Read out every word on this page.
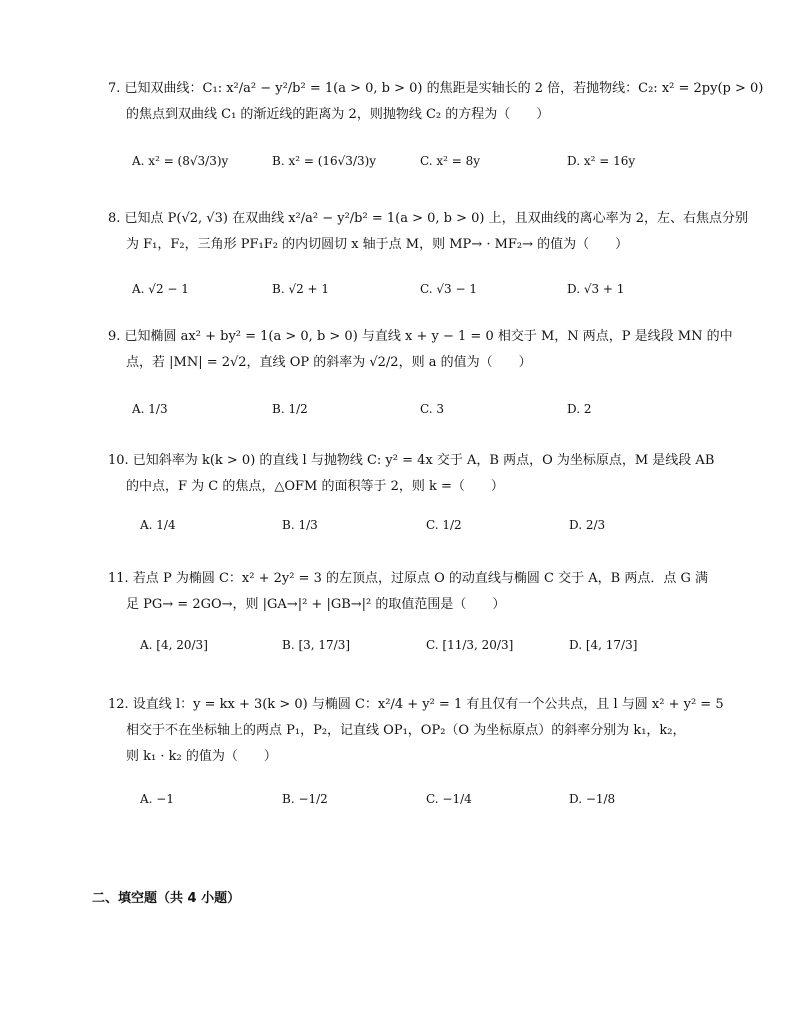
7. 已知双曲线：C₁: x²/a² − y²/b² = 1(a > 0, b > 0) 的焦距是实轴长的 2 倍，若抛物线：C₂: x² = 2py(p > 0)
的焦点到双曲线 C₁ 的渐近线的距离为 2，则抛物线 C₂ 的方程为（　　）
A. x² = (8√3/3)y	B. x² = (16√3/3)y	C. x² = 8y	D. x² = 16y
8. 已知点 P(√2, √3) 在双曲线 x²/a² − y²/b² = 1(a > 0, b > 0) 上，且双曲线的离心率为 2，左、右焦点分别
为 F₁，F₂，三角形 PF₁F₂ 的内切圆切 x 轴于点 M，则 MP→ · MF₂→ 的值为（　　）
A. √2 − 1	B. √2 + 1	C. √3 − 1	D. √3 + 1
9. 已知椭圆 ax² + by² = 1(a > 0, b > 0) 与直线 x + y − 1 = 0 相交于 M，N 两点，P 是线段 MN 的中
点，若 |MN| = 2√2，直线 OP 的斜率为 √2/2，则 a 的值为（　　）
A. 1/3	B. 1/2	C. 3	D. 2
10. 已知斜率为 k(k > 0) 的直线 l 与抛物线 C: y² = 4x 交于 A，B 两点，O 为坐标原点，M 是线段 AB
的中点，F 为 C 的焦点，△OFM 的面积等于 2，则 k =（　　）
A. 1/4	B. 1/3	C. 1/2	D. 2/3
11. 若点 P 为椭圆 C：x² + 2y² = 3 的左顶点，过原点 O 的动直线与椭圆 C 交于 A，B 两点．点 G 满
足 PG→ = 2GO→，则 |GA→|² + |GB→|² 的取值范围是（　　）
A. [4, 20/3]	B. [3, 17/3]	C. [11/3, 20/3]	D. [4, 17/3]
12. 设直线 l：y = kx + 3(k > 0) 与椭圆 C：x²/4 + y² = 1 有且仅有一个公共点，且 l 与圆 x² + y² = 5
相交于不在坐标轴上的两点 P₁，P₂，记直线 OP₁，OP₂（O 为坐标原点）的斜率分别为 k₁，k₂，
则 k₁ · k₂ 的值为（　　）
A. −1	B. −1/2	C. −1/4	D. −1/8
二、填空题（共 4 小题）
